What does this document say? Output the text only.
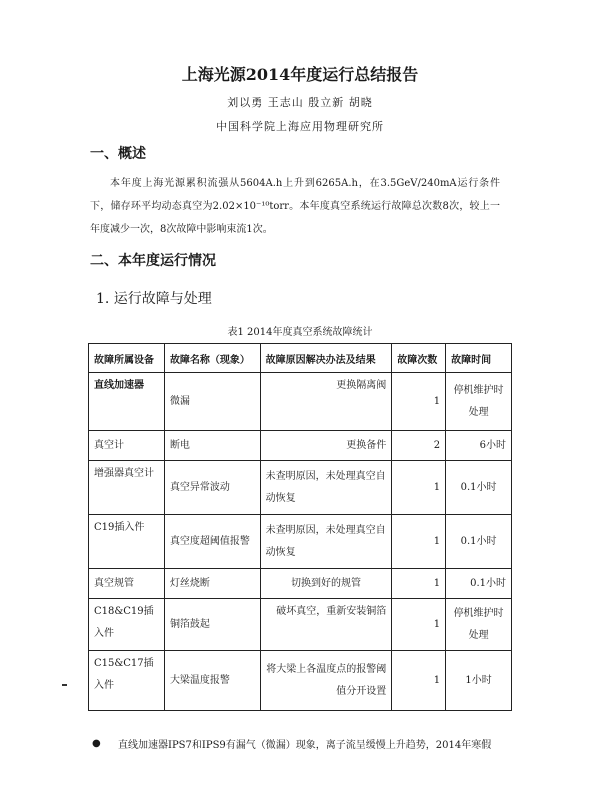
上海光源2014年度运行总结报告
刘以勇 王志山 殷立新 胡晓
中国科学院上海应用物理研究所
一、概述
本年度上海光源累积流强从5604A.h上升到6265A.h，在3.5GeV/240mA运行条件下，储存环平均动态真空为2.02×10⁻¹⁰torr。本年度真空系统运行故障总次数8次，较上一年度减少一次，8次故障中影响束流1次。
二、本年度运行情况
1. 运行故障与处理
表1 2014年度真空系统故障统计
故障所属设备	故障名称（现象）	故障原因解决办法及结果	故障次数	故障时间
直线加速器	微漏	更换隔离阀	1	停机维护时处理
真空计	断电	更换备件	2	6小时
增强器真空计	真空异常波动	未查明原因，未处理真空自动恢复	1	0.1小时
C19插入件	真空度超阈值报警	未查明原因，未处理真空自动恢复	1	0.1小时
真空规管	灯丝烧断	切换到好的规管	1	0.1小时
C18&C19插入件	铜箔鼓起	破坏真空，重新安装铜箔	1	停机维护时处理
C15&C17插入件	大梁温度报警	将大梁上各温度点的报警阈值分开设置	1	1小时
● 直线加速器IPS7和IPS9有漏气（微漏）现象，离子流呈缓慢上升趋势，2014年寒假
